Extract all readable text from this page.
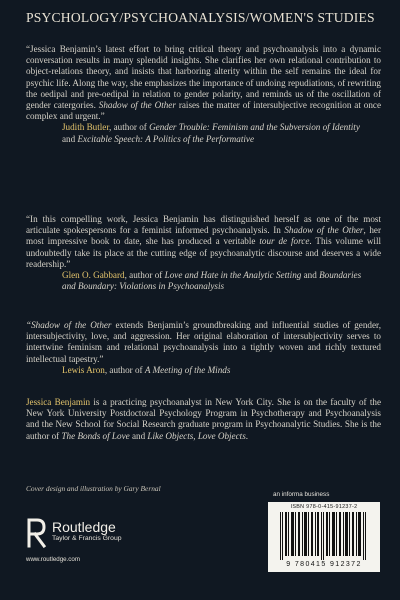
PSYCHOLOGY/PSYCHOANALYSIS/WOMEN'S STUDIES

“Jessica Benjamin’s latest effort to bring critical theory and psychoanalysis into a dynamic conversation results in many splendid insights. She clarifies her own relational contribution to object-relations theory, and insists that harboring alterity within the self remains the ideal for psychic life. Along the way, she emphasizes the importance of undoing repudiations, of rewriting the oedipal and pre-oedipal in relation to gender polarity, and reminds us of the oscillation of gender catergories. Shadow of the Other raises the matter of intersubjective recognition at once complex and urgent.”

Judith Butler, author of Gender Trouble: Feminism and the Subversion of Identity and Excitable Speech: A Politics of the Performative

“In this compelling work, Jessica Benjamin has distinguished herself as one of the most articulate spokespersons for a feminist informed psychoanalysis. In Shadow of the Other, her most impressive book to date, she has produced a veritable tour de force. This volume will undoubtedly take its place at the cutting edge of psychoanalytic discourse and deserves a wide readership.”

Glen O. Gabbard, author of Love and Hate in the Analytic Setting and Boundaries and Boundary: Violations in Psychoanalysis

“Shadow of the Other extends Benjamin’s groundbreaking and influential studies of gender, intersubjectivity, love, and aggression. Her original elaboration of intersubjectivity serves to intertwine feminism and relational psychoanalysis into a tightly woven and richly textured intellectual tapestry.”

Lewis Aron, author of A Meeting of the Minds

Jessica Benjamin is a practicing psychoanalyst in New York City. She is on the faculty of the New York University Postdoctoral Psychology Program in Psychotherapy and Psychoanalysis and the New School for Social Research graduate program in Psychoanalytic Studies. She is the author of The Bonds of Love and Like Objects, Love Objects.

Cover design and illustration by Gary Bernal
an informa business
ISBN 978-0-415-91237-2
9 780415 912372
Routledge
Taylor & Francis Group
www.routledge.com
